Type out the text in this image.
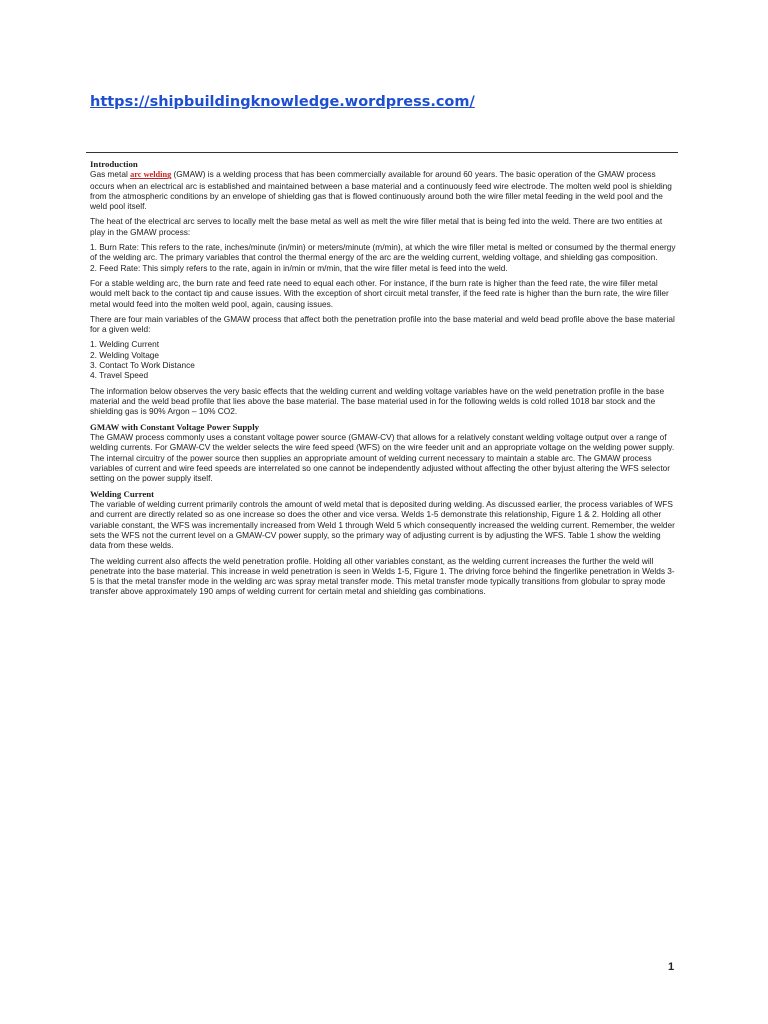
https://shipbuildingknowledge.wordpress.com/
Introduction

Gas metal arc welding (GMAW) is a welding process that has been commercially available for around 60 years. The basic operation of the GMAW process occurs when an electrical arc is established and maintained between a base material and a continuously feed wire electrode. The molten weld pool is shielding from the atmospheric conditions by an envelope of shielding gas that is flowed continuously around both the wire filler metal feeding in the weld pool and the weld pool itself.

The heat of the electrical arc serves to locally melt the base metal as well as melt the wire filler metal that is being fed into the weld. There are two entities at play in the GMAW process:

1. Burn Rate: This refers to the rate, inches/minute (in/min) or meters/minute (m/min), at which the wire filler metal is melted or consumed by the thermal energy of the welding arc. The primary variables that control the thermal energy of the arc are the welding current, welding voltage, and shielding gas composition.
2. Feed Rate: This simply refers to the rate, again in in/min or m/min, that the wire filler metal is feed into the weld.

For a stable welding arc, the burn rate and feed rate need to equal each other. For instance, if the burn rate is higher than the feed rate, the wire filler metal would melt back to the contact tip and cause issues. With the exception of short circuit metal transfer, if the feed rate is higher than the burn rate, the wire filler metal would feed into the molten weld pool, again, causing issues.

There are four main variables of the GMAW process that affect both the penetration profile into the base material and weld bead profile above the base material for a given weld:

1. Welding Current
2. Welding Voltage
3. Contact To Work Distance
4. Travel Speed

The information below observes the very basic effects that the welding current and welding voltage variables have on the weld penetration profile in the base material and the weld bead profile that lies above the base material. The base material used in for the following welds is cold rolled 1018 bar stock and the shielding gas is 90% Argon – 10% CO2.

GMAW with Constant Voltage Power Supply

The GMAW process commonly uses a constant voltage power source (GMAW-CV) that allows for a relatively constant welding voltage output over a range of welding currents. For GMAW-CV the welder selects the wire feed speed (WFS) on the wire feeder unit and an appropriate voltage on the welding power supply. The internal circuitry of the power source then supplies an appropriate amount of welding current necessary to maintain a stable arc. The GMAW process variables of current and wire feed speeds are interrelated so one cannot be independently adjusted without affecting the other byjust altering the WFS selector setting on the power supply itself.

Welding Current

The variable of welding current primarily controls the amount of weld metal that is deposited during welding. As discussed earlier, the process variables of WFS and current are directly related so as one increase so does the other and vice versa. Welds 1-5 demonstrate this relationship, Figure 1 & 2. Holding all other variable constant, the WFS was incrementally increased from Weld 1 through Weld 5 which consequently increased the welding current. Remember, the welder sets the WFS not the current level on a GMAW-CV power supply, so the primary way of adjusting current is by adjusting the WFS. Table 1 show the welding data from these welds.

The welding current also affects the weld penetration profile. Holding all other variables constant, as the welding current increases the further the weld will penetrate into the base material. This increase in weld penetration is seen in Welds 1-5, Figure 1. The driving force behind the fingerlike penetration in Welds 3-5 is that the metal transfer mode in the welding arc was spray metal transfer mode. This metal transfer mode typically transitions from globular to spray mode transfer above approximately 190 amps of welding current for certain metal and shielding gas combinations.

1
